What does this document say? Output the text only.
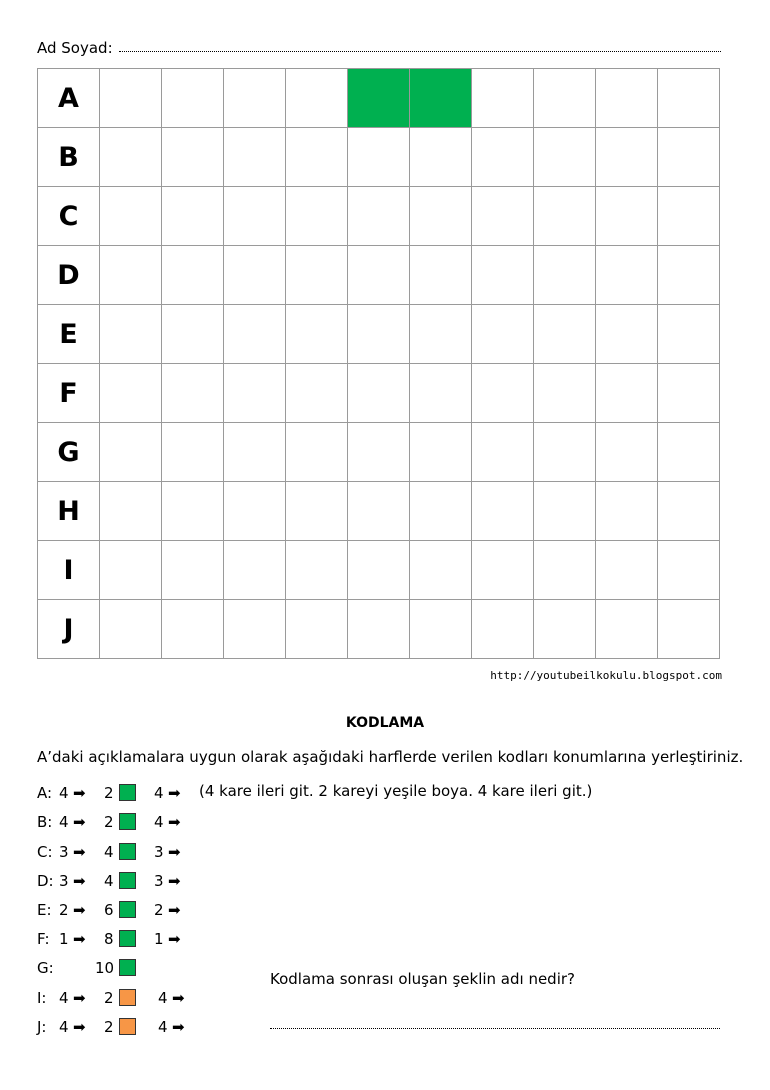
Ad Soyad:
A										
B										
C										
D										
E										
F										
G										
H										
I										
J										
http://youtubeilkokulu.blogspot.com
KODLAMA
A’daki açıklamalara uygun olarak aşağıdaki harflerde verilen kodları konumlarına yerleştiriniz.
A: 4 ➡ 2	4 ➡
B: 4 ➡ 2	4 ➡
C: 3 ➡ 4	3 ➡
D: 3 ➡ 4	3 ➡
E: 2 ➡ 6	2 ➡
F: 1 ➡ 8	1 ➡
G:	10
I: 4 ➡ 2	4 ➡
J: 4 ➡ 2	4 ➡
(4 kare ileri git. 2 kareyi yeşile boya. 4 kare ileri git.)
Kodlama sonrası oluşan şeklin adı nedir?
